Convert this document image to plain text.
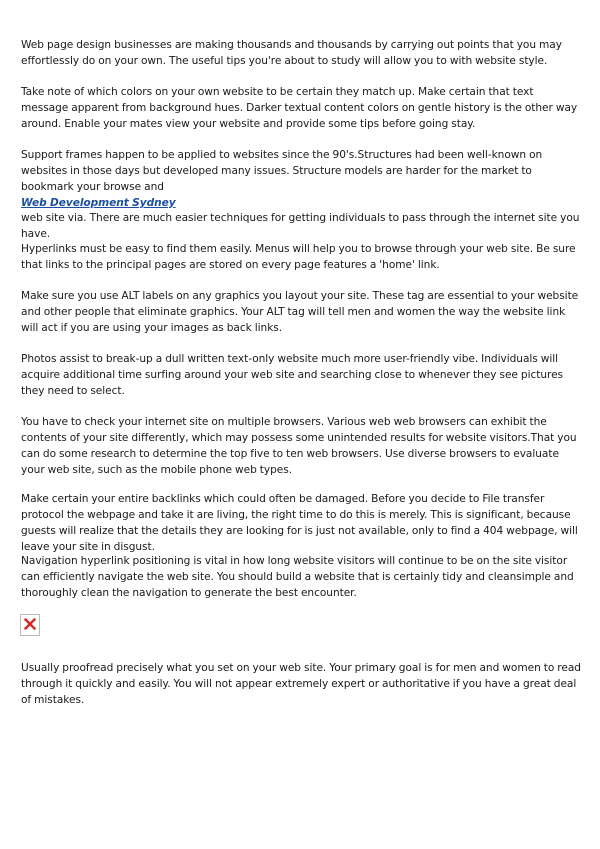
Web page design businesses are making thousands and thousands by carrying out points that you may effortlessly do on your own. The useful tips you're about to study will allow you to with website style.

Take note of which colors on your own website to be certain they match up. Make certain that text message apparent from background hues. Darker textual content colors on gentle history is the other way around. Enable your mates view your website and provide some tips before going stay.

Support frames happen to be applied to websites since the 90's.Structures had been well-known on websites in those days but developed many issues. Structure models are harder for the market to bookmark your browse and
Web Development Sydney

web site via. There are much easier techniques for getting individuals to pass through the internet site you have.

Hyperlinks must be easy to find them easily. Menus will help you to browse through your web site. Be sure that links to the principal pages are stored on every page features a 'home' link.

Make sure you use ALT labels on any graphics you layout your site. These tag are essential to your website and other people that eliminate graphics. Your ALT tag will tell men and women the way the website link will act if you are using your images as back links.

Photos assist to break-up a dull written text-only website much more user-friendly vibe. Individuals will acquire additional time surfing around your web site and searching close to whenever they see pictures they need to select.

You have to check your internet site on multiple browsers. Various web web browsers can exhibit the contents of your site differently, which may possess some unintended results for website visitors.That you can do some research to determine the top five to ten web browsers. Use diverse browsers to evaluate your web site, such as the mobile phone web types.

Make certain your entire backlinks which could often be damaged. Before you decide to File transfer protocol the webpage and take it are living, the right time to do this is merely. This is significant, because guests will realize that the details they are looking for is just not available, only to find a 404 webpage, will leave your site in disgust.

Navigation hyperlink positioning is vital in how long website visitors will continue to be on the site visitor can efficiently navigate the web site. You should build a website that is certainly tidy and cleansimple and thoroughly clean the navigation to generate the best encounter.

Usually proofread precisely what you set on your web site. Your primary goal is for men and women to read through it quickly and easily. You will not appear extremely expert or authoritative if you have a great deal of mistakes.
